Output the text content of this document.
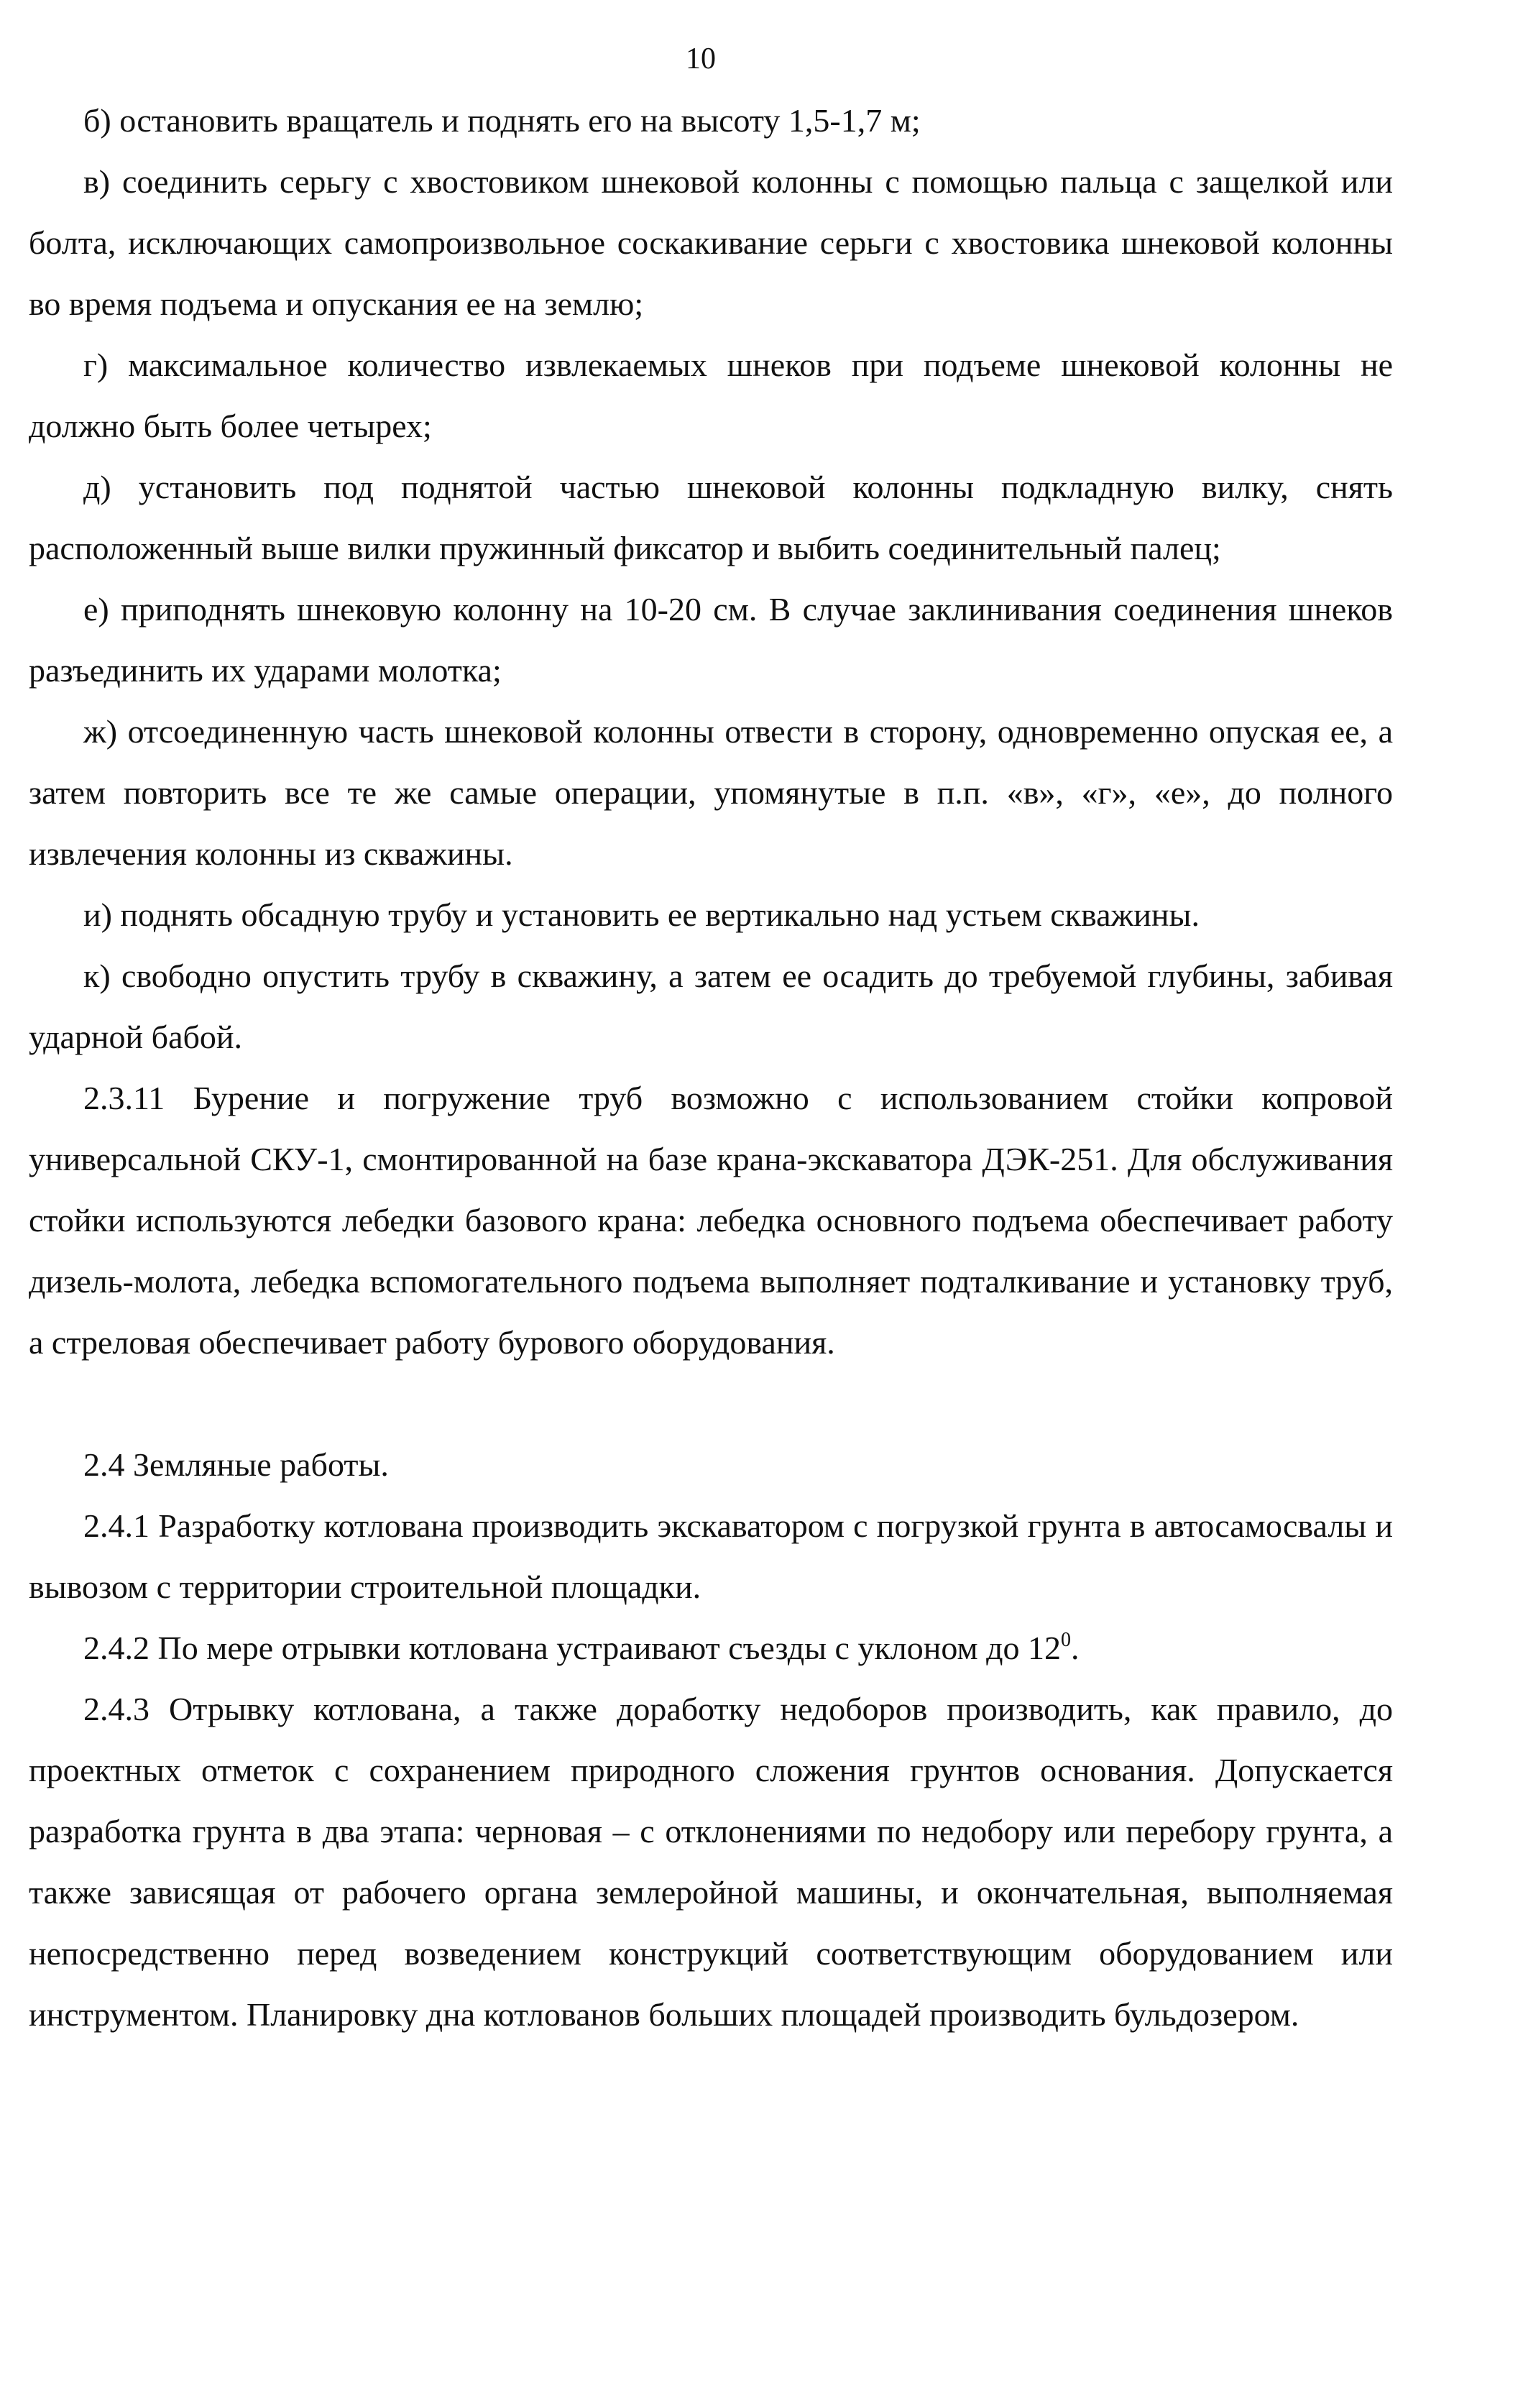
10

б) остановить вращатель и поднять его на высоту 1,5-1,7 м;

в) соединить серьгу с хвостовиком шнековой колонны с помощью пальца с защелкой или болта, исключающих самопроизвольное соскакивание серьги с хвостовика шнековой колонны во время подъема и опускания ее на землю;

г) максимальное количество извлекаемых шнеков при подъеме шнековой колонны не должно быть более четырех;

д) установить под поднятой частью шнековой колонны подкладную вилку, снять расположенный выше вилки пружинный фиксатор и выбить соединительный палец;

е) приподнять шнековую колонну на 10-20 см. В случае заклинивания соединения шнеков разъединить их ударами молотка;

ж) отсоединенную часть шнековой колонны отвести в сторону, одновременно опуская ее, а затем повторить все те же самые операции, упомянутые в п.п. «в», «г», «е», до полного извлечения колонны из скважины.

и) поднять обсадную трубу и установить ее вертикально над устьем скважины.

к) свободно опустить трубу в скважину, а затем ее осадить до требуемой глубины, забивая ударной бабой.

2.3.11 Бурение и погружение труб возможно с использованием стойки копровой универсальной СКУ-1, смонтированной на базе крана-экскаватора ДЭК-251. Для обслуживания стойки используются лебедки базового крана: лебедка основного подъема обеспечивает работу дизель-молота, лебедка вспомогательного подъема выполняет подталкивание и установку труб, а стреловая обеспечивает работу бурового оборудования.

2.4 Земляные работы.

2.4.1 Разработку котлована производить экскаватором с погрузкой грунта в автосамосвалы и вывозом с территории строительной площадки.

2.4.2 По мере отрывки котлована устраивают съезды с уклоном до $12^0$.

2.4.3 Отрывку котлована, а также доработку недоборов производить, как правило, до проектных отметок с сохранением природного сложения грунтов основания. Допускается разработка грунта в два этапа: черновая – с отклонениями по недобору или перебору грунта, а также зависящая от рабочего органа землеройной машины, и окончательная, выполняемая непосредственно перед возведением конструкций соответствующим оборудованием или инструментом. Планировку дна котлованов больших площадей производить бульдозером.
